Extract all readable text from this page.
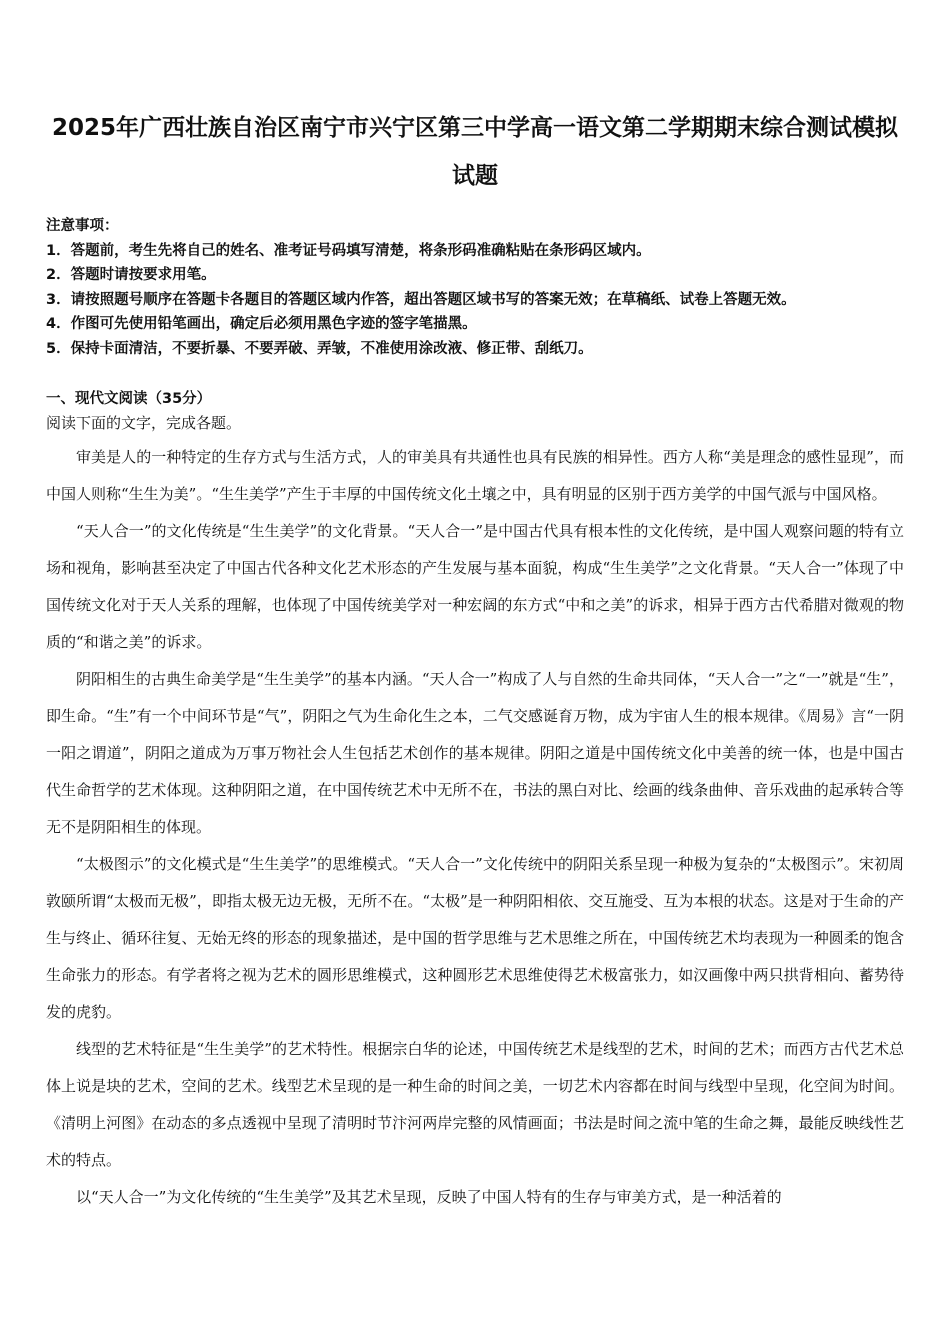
2025年广西壮族自治区南宁市兴宁区第三中学高一语文第二学期期末综合测试模拟试题
注意事项：
1．答题前，考生先将自己的姓名、准考证号码填写清楚，将条形码准确粘贴在条形码区域内。
2．答题时请按要求用笔。
3．请按照题号顺序在答题卡各题目的答题区域内作答，超出答题区域书写的答案无效；在草稿纸、试卷上答题无效。
4．作图可先使用铅笔画出，确定后必须用黑色字迹的签字笔描黑。
5．保持卡面清洁，不要折暴、不要弄破、弄皱，不准使用涂改液、修正带、刮纸刀。
一、现代文阅读（35分）
阅读下面的文字，完成各题。

审美是人的一种特定的生存方式与生活方式，人的审美具有共通性也具有民族的相异性。西方人称“美是理念的感性显现”，而中国人则称“生生为美”。“生生美学”产生于丰厚的中国传统文化土壤之中，具有明显的区别于西方美学的中国气派与中国风格。

“天人合一”的文化传统是“生生美学”的文化背景。“天人合一”是中国古代具有根本性的文化传统，是中国人观察问题的特有立场和视角，影响甚至决定了中国古代各种文化艺术形态的产生发展与基本面貌，构成“生生美学”之文化背景。“天人合一”体现了中国传统文化对于天人关系的理解，也体现了中国传统美学对一种宏阔的东方式“中和之美”的诉求，相异于西方古代希腊对微观的物质的“和谐之美”的诉求。

阴阳相生的古典生命美学是“生生美学”的基本内涵。“天人合一”构成了人与自然的生命共同体，“天人合一”之“一”就是“生”，即生命。“生”有一个中间环节是“气”，阴阳之气为生命化生之本，二气交感诞育万物，成为宇宙人生的根本规律。《周易》言“一阴一阳之谓道”，阴阳之道成为万事万物社会人生包括艺术创作的基本规律。阴阳之道是中国传统文化中美善的统一体，也是中国古代生命哲学的艺术体现。这种阴阳之道，在中国传统艺术中无所不在，书法的黑白对比、绘画的线条曲伸、音乐戏曲的起承转合等无不是阴阳相生的体现。

“太极图示”的文化模式是“生生美学”的思维模式。“天人合一”文化传统中的阴阳关系呈现一种极为复杂的“太极图示”。宋初周敦颐所谓“太极而无极”，即指太极无边无极，无所不在。“太极”是一种阴阳相依、交互施受、互为本根的状态。这是对于生命的产生与终止、循环往复、无始无终的形态的现象描述，是中国的哲学思维与艺术思维之所在，中国传统艺术均表现为一种圆柔的饱含生命张力的形态。有学者将之视为艺术的圆形思维模式，这种圆形艺术思维使得艺术极富张力，如汉画像中两只拱背相向、蓄势待发的虎豹。

线型的艺术特征是“生生美学”的艺术特性。根据宗白华的论述，中国传统艺术是线型的艺术，时间的艺术；而西方古代艺术总体上说是块的艺术，空间的艺术。线型艺术呈现的是一种生命的时间之美，一切艺术内容都在时间与线型中呈现，化空间为时间。《清明上河图》在动态的多点透视中呈现了清明时节汴河两岸完整的风情画面；书法是时间之流中笔的生命之舞，最能反映线性艺术的特点。

以“天人合一”为文化传统的“生生美学”及其艺术呈现，反映了中国人特有的生存与审美方式，是一种活着的
